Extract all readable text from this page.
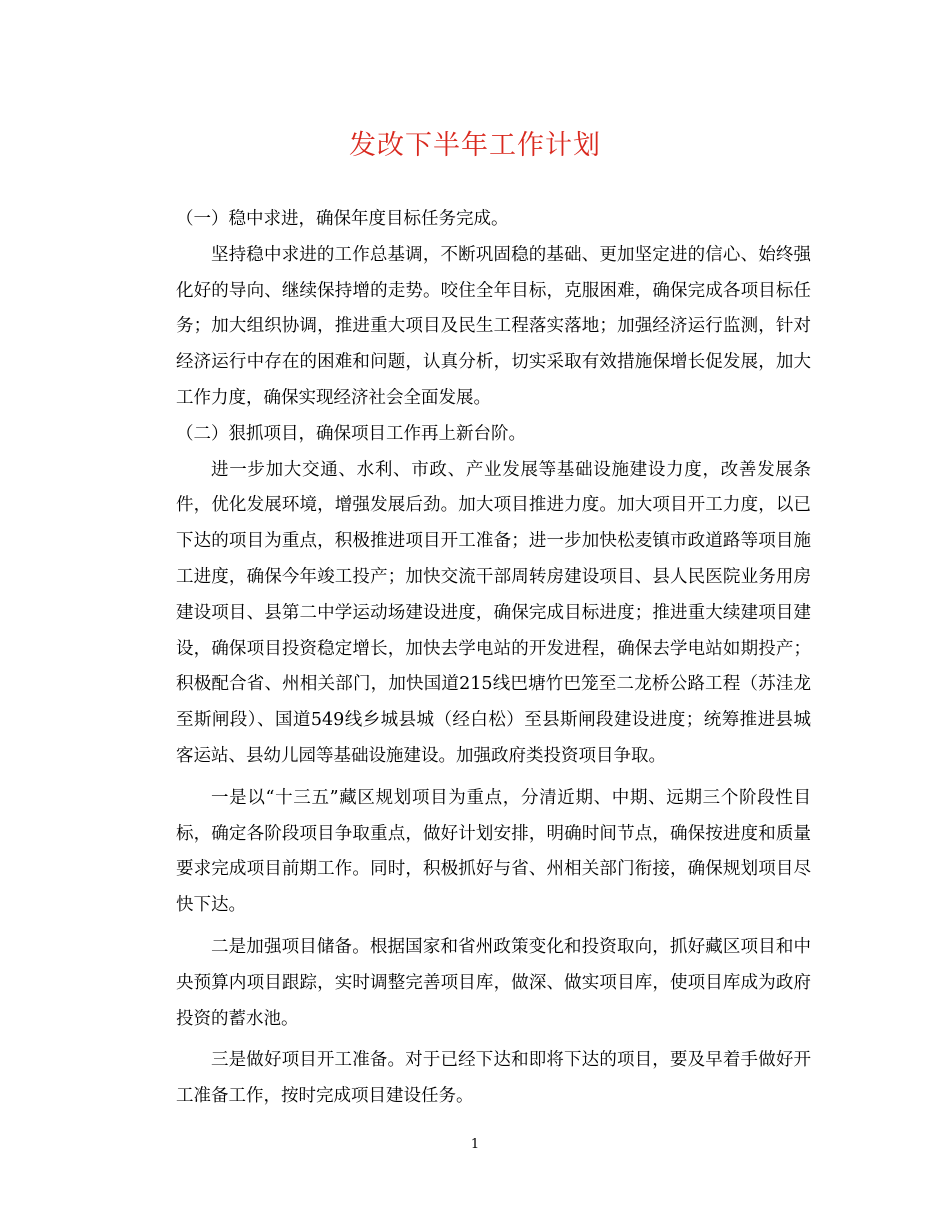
发改下半年工作计划

（一）稳中求进，确保年度目标任务完成。

坚持稳中求进的工作总基调，不断巩固稳的基础、更加坚定进的信心、始终强
化好的导向、继续保持增的走势。咬住全年目标，克服困难，确保完成各项目标任
务；加大组织协调，推进重大项目及民生工程落实落地；加强经济运行监测，针对
经济运行中存在的困难和问题，认真分析，切实采取有效措施保增长促发展，加大
工作力度，确保实现经济社会全面发展。

（二）狠抓项目，确保项目工作再上新台阶。

进一步加大交通、水利、市政、产业发展等基础设施建设力度，改善发展条
件，优化发展环境，增强发展后劲。加大项目推进力度。加大项目开工力度，以已
下达的项目为重点，积极推进项目开工准备；进一步加快松麦镇市政道路等项目施
工进度，确保今年竣工投产；加快交流干部周转房建设项目、县人民医院业务用房
建设项目、县第二中学运动场建设进度，确保完成目标进度；推进重大续建项目建
设，确保项目投资稳定增长，加快去学电站的开发进程，确保去学电站如期投产；
积极配合省、州相关部门，加快国道215线巴塘竹巴笼至二龙桥公路工程（苏洼龙
至斯闸段）、国道549线乡城县城（经白松）至县斯闸段建设进度；统筹推进县城
客运站、县幼儿园等基础设施建设。加强政府类投资项目争取。
一是以“十三五”藏区规划项目为重点，分清近期、中期、远期三个阶段性目
标，确定各阶段项目争取重点，做好计划安排，明确时间节点，确保按进度和质量
要求完成项目前期工作。同时，积极抓好与省、州相关部门衔接，确保规划项目尽
快下达。
二是加强项目储备。根据国家和省州政策变化和投资取向，抓好藏区项目和中
央预算内项目跟踪，实时调整完善项目库，做深、做实项目库，使项目库成为政府
投资的蓄水池。
三是做好项目开工准备。对于已经下达和即将下达的项目，要及早着手做好开
工准备工作，按时完成项目建设任务。
1
